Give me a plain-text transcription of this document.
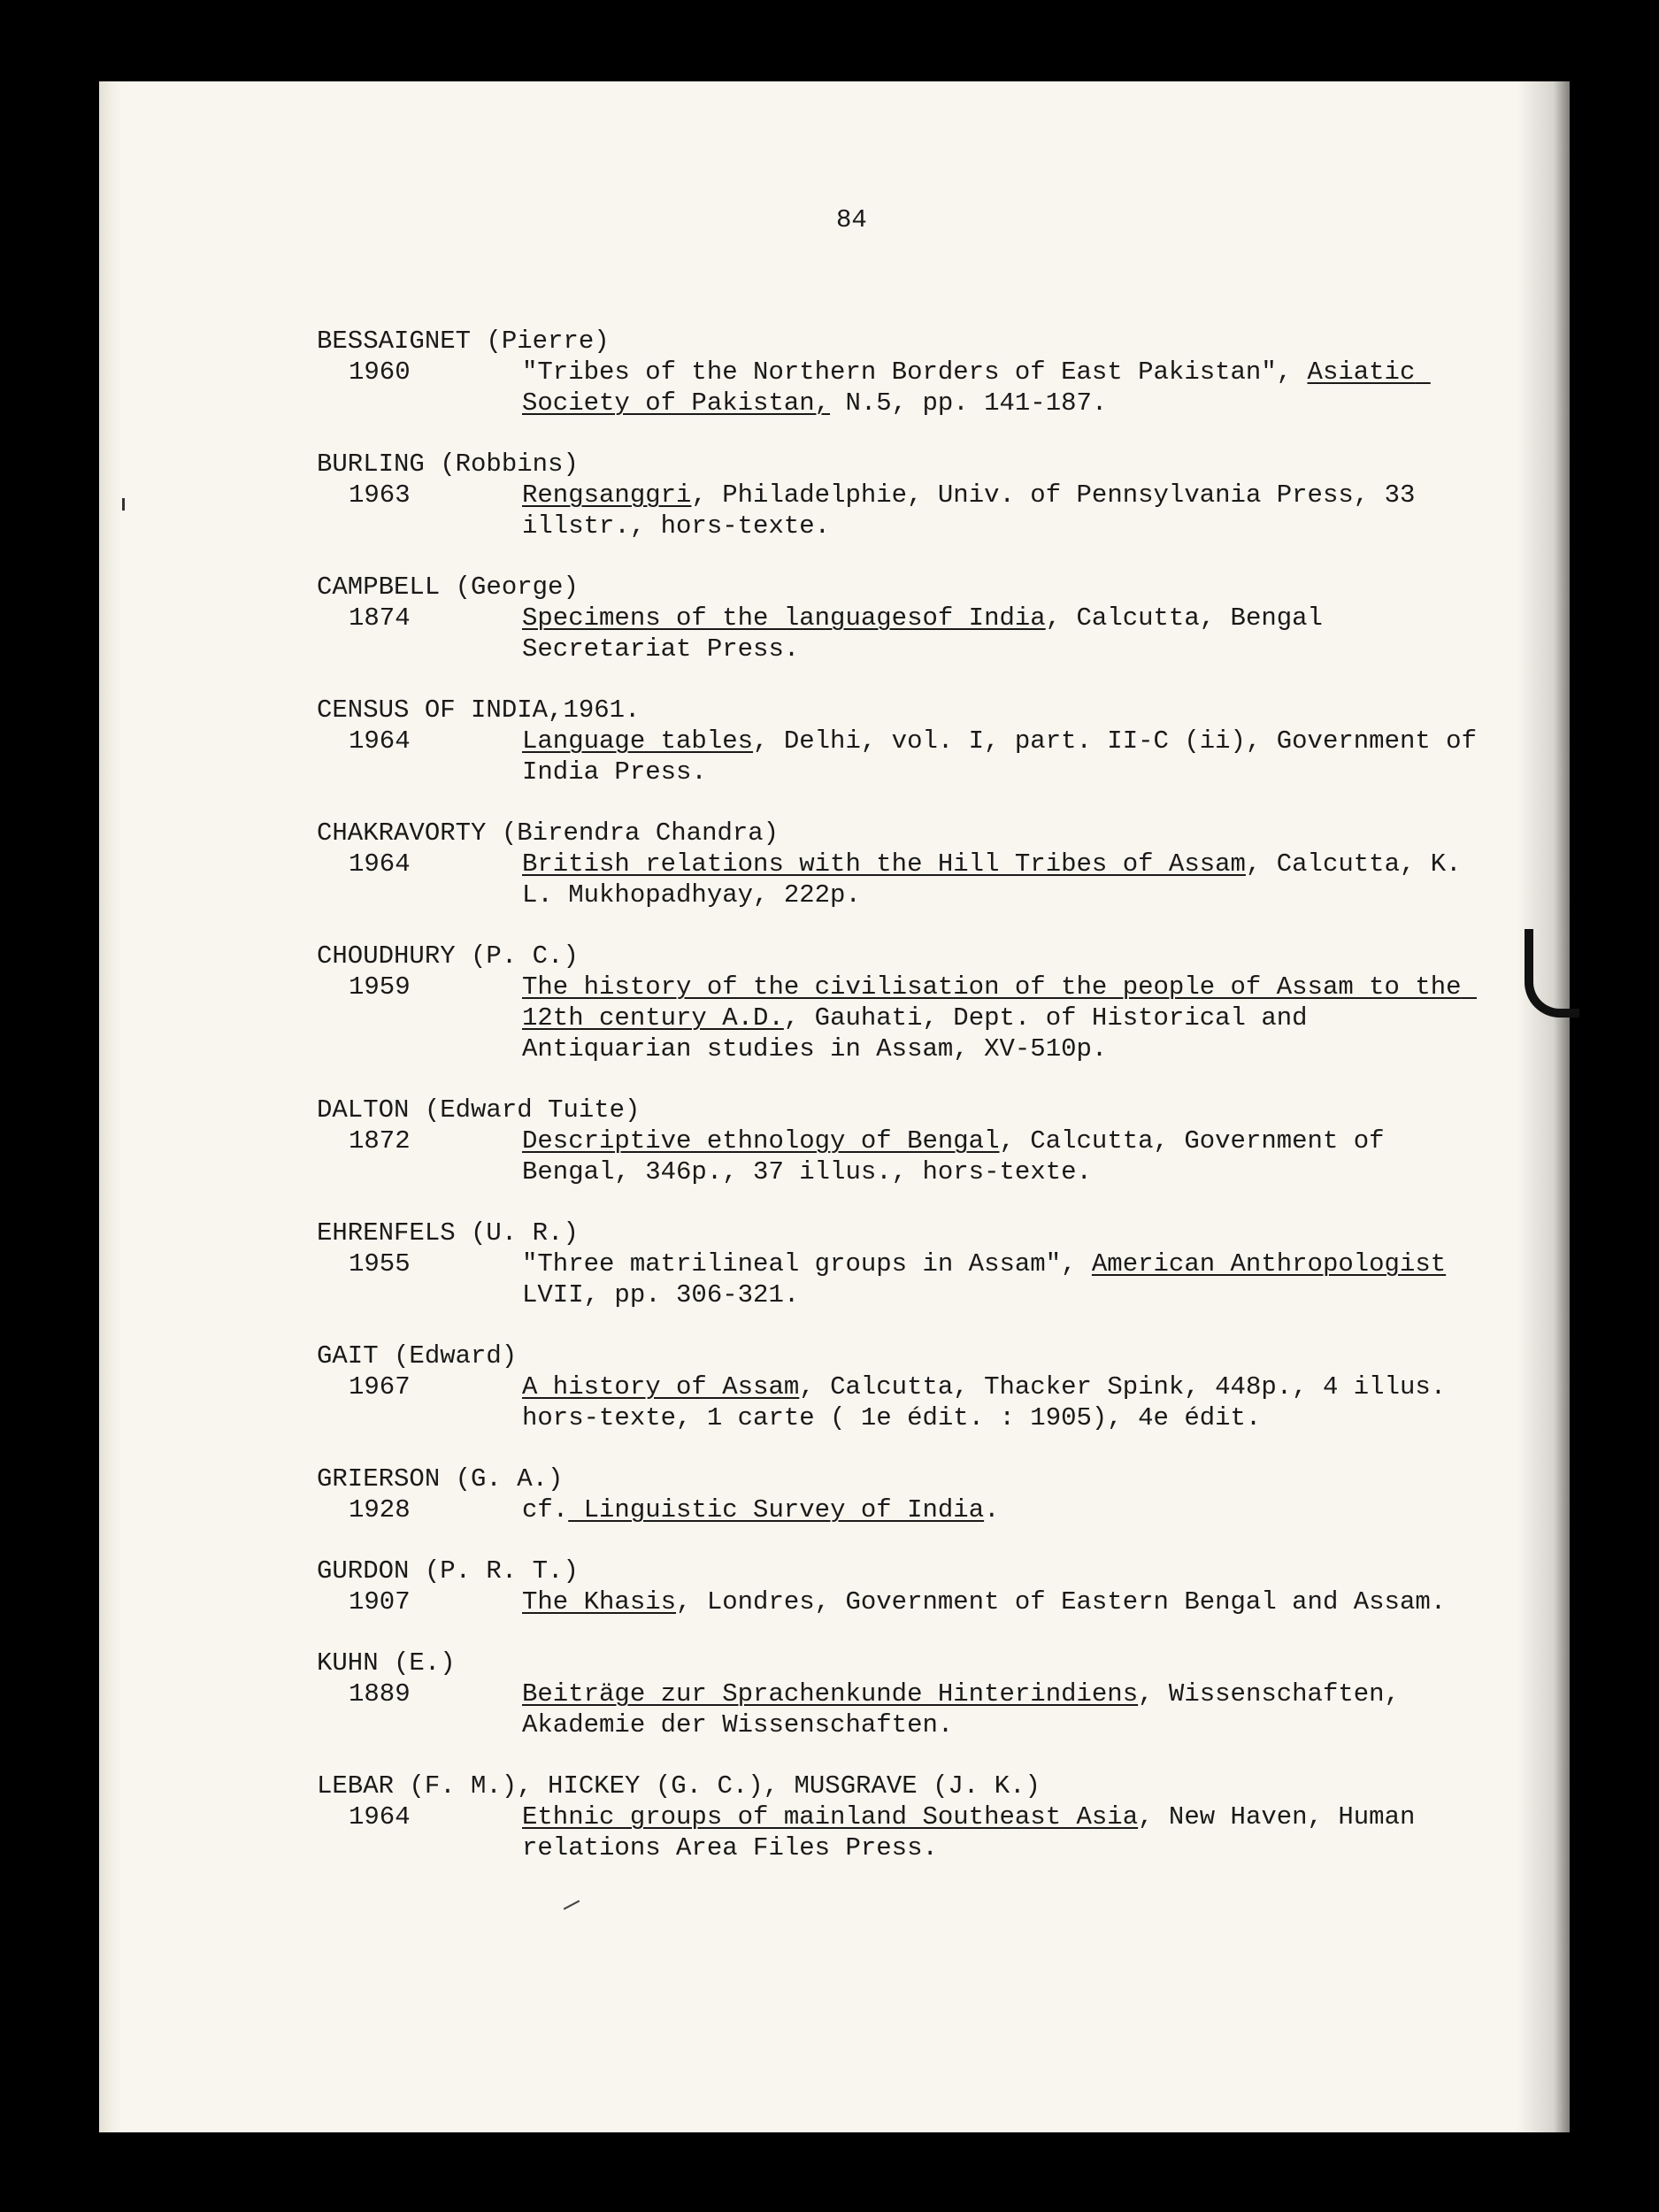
84
BESSAIGNET (Pierre)
1960	"Tribes of the Northern Borders of East Pakistan", Asiatic Society of Pakistan, N.5, pp. 141-187.
BURLING (Robbins)
1963	Rengsanggri, Philadelphie, Univ. of Pennsylvania Press, 33 illstr., hors-texte.
CAMPBELL (George)
1874	Specimens of the languagesof India, Calcutta, Bengal Secretariat Press.
CENSUS OF INDIA,1961.
1964	Language tables, Delhi, vol. I, part. II-C (ii), Government of India Press.
CHAKRAVORTY (Birendra Chandra)
1964	British relations with the Hill Tribes of Assam, Calcutta, K. L. Mukhopadhyay, 222p.
CHOUDHURY (P. C.)
1959	The history of the civilisation of the people of Assam to the 12th century A.D., Gauhati, Dept. of Historical and Antiquarian studies in Assam, XV-510p.
DALTON (Edward Tuite)
1872	Descriptive ethnology of Bengal, Calcutta, Government of Bengal, 346p., 37 illus., hors-texte.
EHRENFELS (U. R.)
1955	"Three matrilineal groups in Assam", American Anthropologist LVII, pp. 306-321.
GAIT (Edward)
1967	A history of Assam, Calcutta, Thacker Spink, 448p., 4 illus. hors-texte, 1 carte ( 1e édit. : 1905), 4e édit.
GRIERSON (G. A.)
1928	cf. Linguistic Survey of India.
GURDON (P. R. T.)
1907	The Khasis, Londres, Government of Eastern Bengal and Assam.
KUHN (E.)
1889	Beiträge zur Sprachenkunde Hinterindiens, Wissenschaften, Akademie der Wissenschaften.
LEBAR (F. M.), HICKEY (G. C.), MUSGRAVE (J. K.)
1964	Ethnic groups of mainland Southeast Asia, New Haven, Human relations Area Files Press.
